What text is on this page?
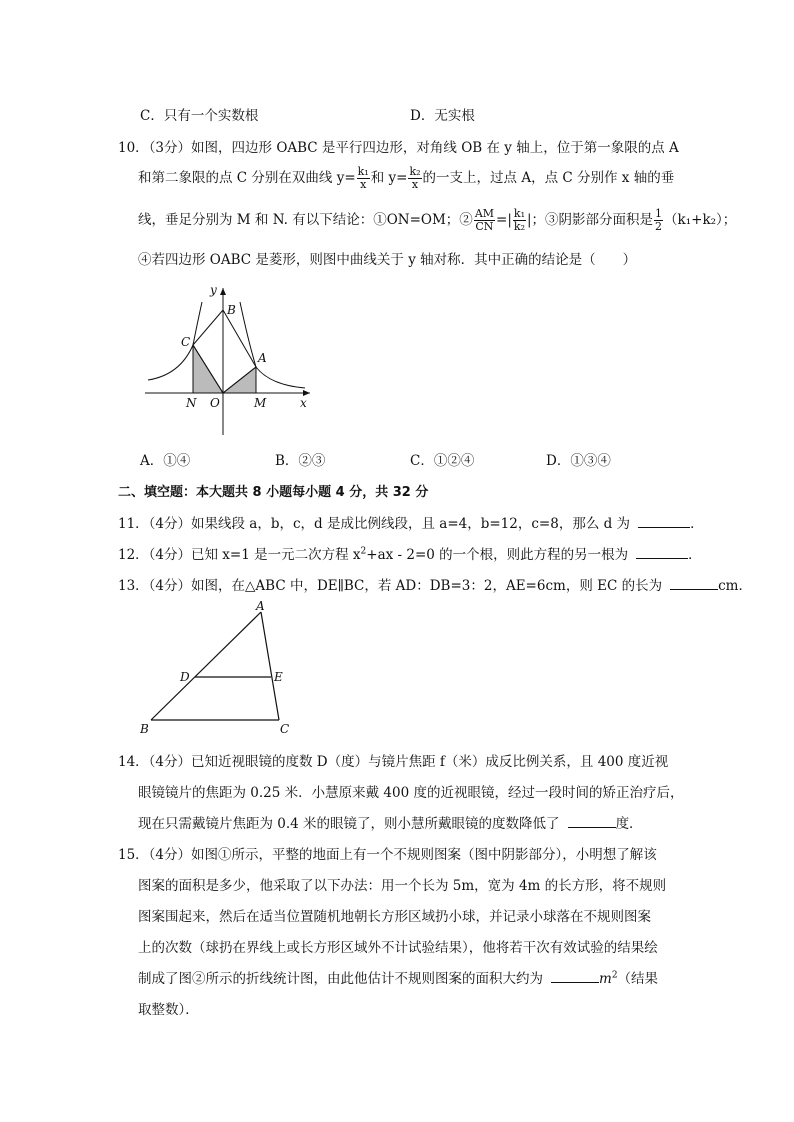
C．只有一个实数根	D．无实根
10．（3分）如图，四边形 OABC 是平行四边形，对角线 OB 在 y 轴上，位于第一象限的点 A
和第二象限的点 C 分别在双曲线 $y= \frac{\text{k₁}}{x}$ 和 $y= \frac{\text{k₂}}{x}$ 的一支上，过点 A，点 C 分别作 x 轴的垂
线，垂足分别为 M 和 N. 有以下结论：①ON=OM；② $\frac{AM}{CN}$ =| $\frac{\text{k₁}}{\text{k₂}}$ |；③阴影部分面积是 $\frac{1}{2} (k_1+k_2)$；
④若四边形 OABC 是菱形，则图中曲线关于 y 轴对称．其中正确的结论是（　　）
y
B
C
A
N O	M	x
A．①④	B．②③	C．①②④	D．①③④
二、填空题：本大题共 8 小题每小题 4 分，共 32 分
11．（4分）如果线段 a，b，c，d 是成比例线段，且 a=4，b=12，c=8，那么 d 为	．
12．（4分）已知 x=1 是一元二次方程 $x^2+ax - 2=0$ 的一个根，则此方程的另一根为	．
13．（4分）如图，在△ABC 中，DE∥BC，若 AD：DB=3：2，AE=6cm，则 EC 的长为	cm．
A
D	E
B	C
14．（4分）已知近视眼镜的度数 D（度）与镜片焦距 f（米）成反比例关系，且 400 度近视
眼镜镜片的焦距为 0.25 米．小慧原来戴 400 度的近视眼镜，经过一段时间的矫正治疗后，
现在只需戴镜片焦距为 0.4 米的眼镜了，则小慧所戴眼镜的度数降低了	度．
15．（4分）如图①所示，平整的地面上有一个不规则图案（图中阴影部分），小明想了解该
图案的面积是多少，他采取了以下办法：用一个长为 5m，宽为 4m 的长方形，将不规则
图案围起来，然后在适当位置随机地朝长方形区域扔小球，并记录小球落在不规则图案
上的次数（球扔在界线上或长方形区域外不计试验结果），他将若干次有效试验的结果绘
制成了图②所示的折线统计图，由此他估计不规则图案的面积大约为	$m^2$（结果
取整数）．
